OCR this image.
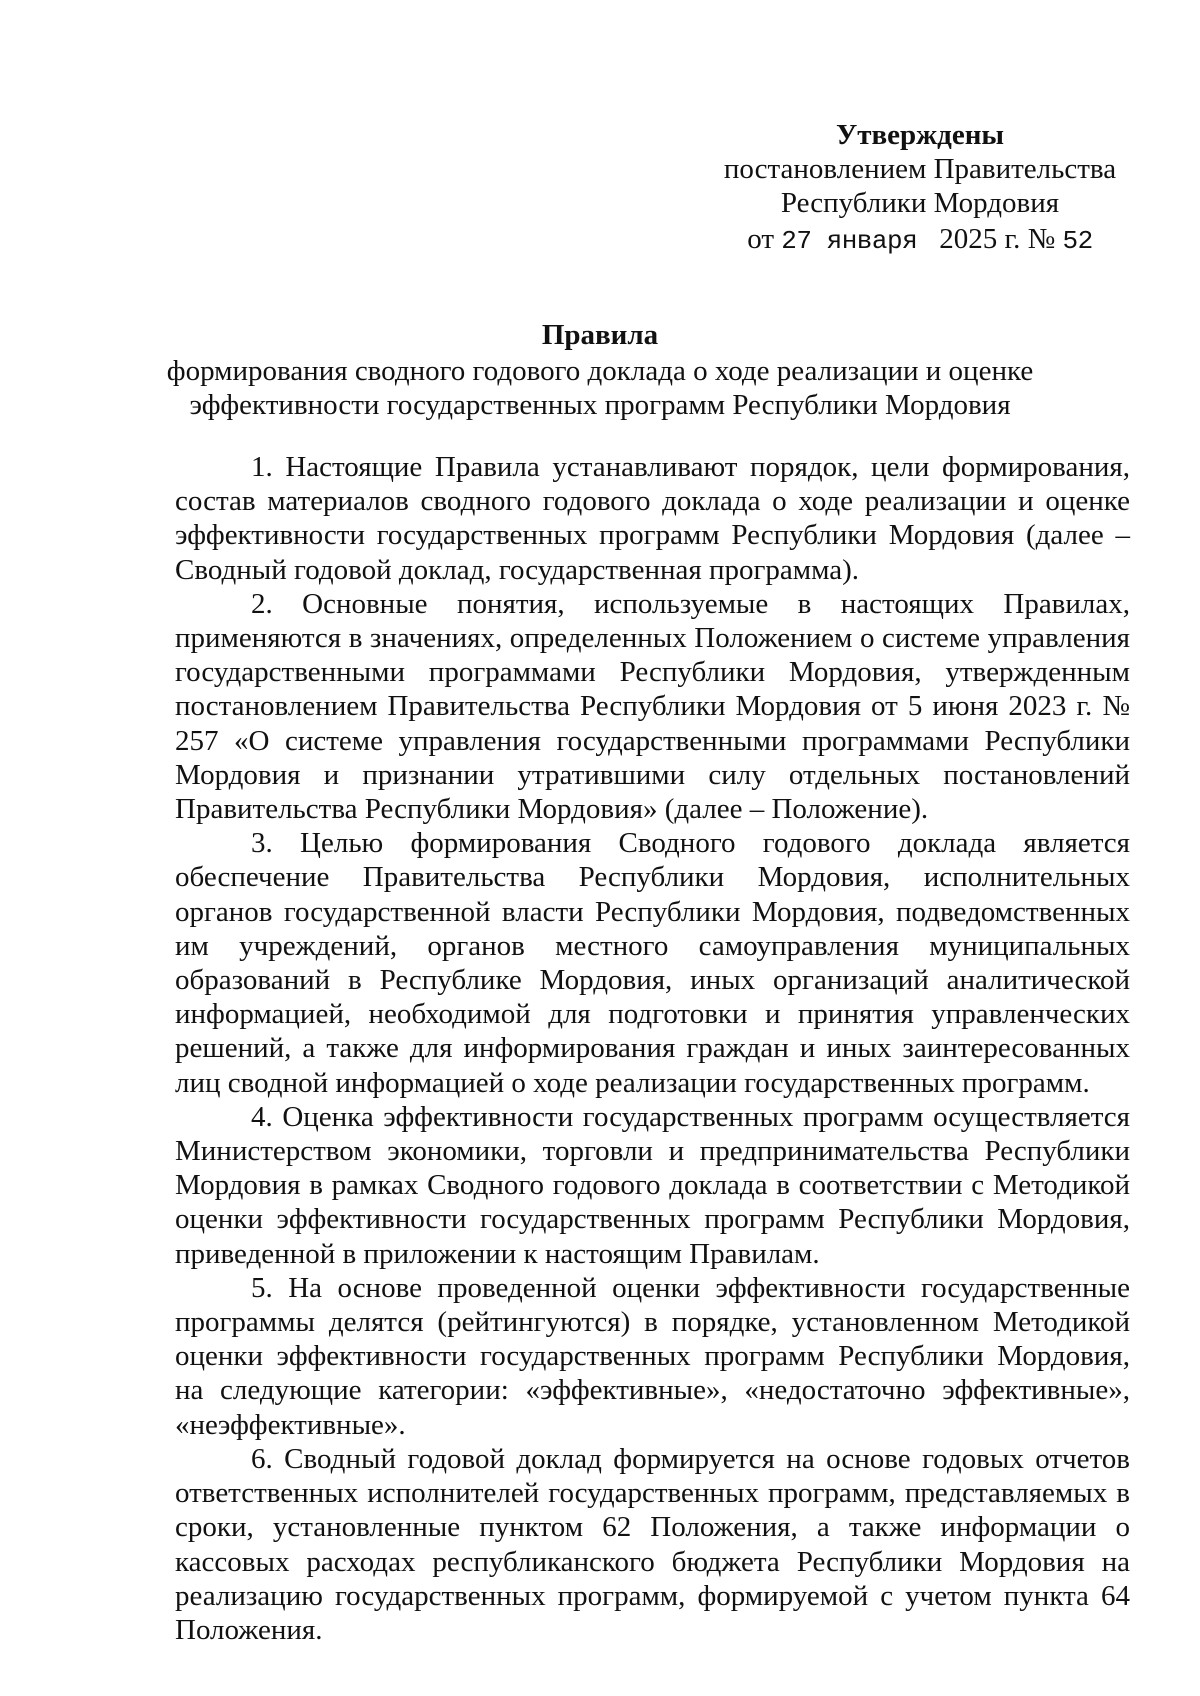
Утверждены
постановлением Правительства
Республики Мордовия
от 27 января 2025 г. № 52
Правила
формирования сводного годового доклада о ходе реализации и оценке эффективности государственных программ Республики Мордовия

1. Настоящие Правила устанавливают порядок, цели формирования, состав материалов сводного годового доклада о ходе реализации и оценке эффективности государственных программ Республики Мордовия (далее – Сводный годовой доклад, государственная программа).

2. Основные понятия, используемые в настоящих Правилах, применяются в значениях, определенных Положением о системе управления государственными программами Республики Мордовия, утвержденным постановлением Правительства Республики Мордовия от 5 июня 2023 г. № 257 «О системе управления государственными программами Республики Мордовия и признании утратившими силу отдельных постановлений Правительства Республики Мордовия» (далее – Положение).

3. Целью формирования Сводного годового доклада является обеспечение Правительства Республики Мордовия, исполнительных органов государственной власти Республики Мордовия, подведомственных им учреждений, органов местного самоуправления муниципальных образований в Республике Мордовия, иных организаций аналитической информацией, необходимой для подготовки и принятия управленческих решений, а также для информирования граждан и иных заинтересованных лиц сводной информацией о ходе реализации государственных программ.

4. Оценка эффективности государственных программ осуществляется Министерством экономики, торговли и предпринимательства Республики Мордовия в рамках Сводного годового доклада в соответствии с Методикой оценки эффективности государственных программ Республики Мордовия, приведенной в приложении к настоящим Правилам.

5. На основе проведенной оценки эффективности государственные программы делятся (рейтингуются) в порядке, установленном Методикой оценки эффективности государственных программ Республики Мордовия, на следующие категории: «эффективные», «недостаточно эффективные», «неэффективные».

6. Сводный годовой доклад формируется на основе годовых отчетов ответственных исполнителей государственных программ, представляемых в сроки, установленные пунктом 62 Положения, а также информации о кассовых расходах республиканского бюджета Республики Мордовия на реализацию государственных программ, формируемой с учетом пункта 64 Положения.
